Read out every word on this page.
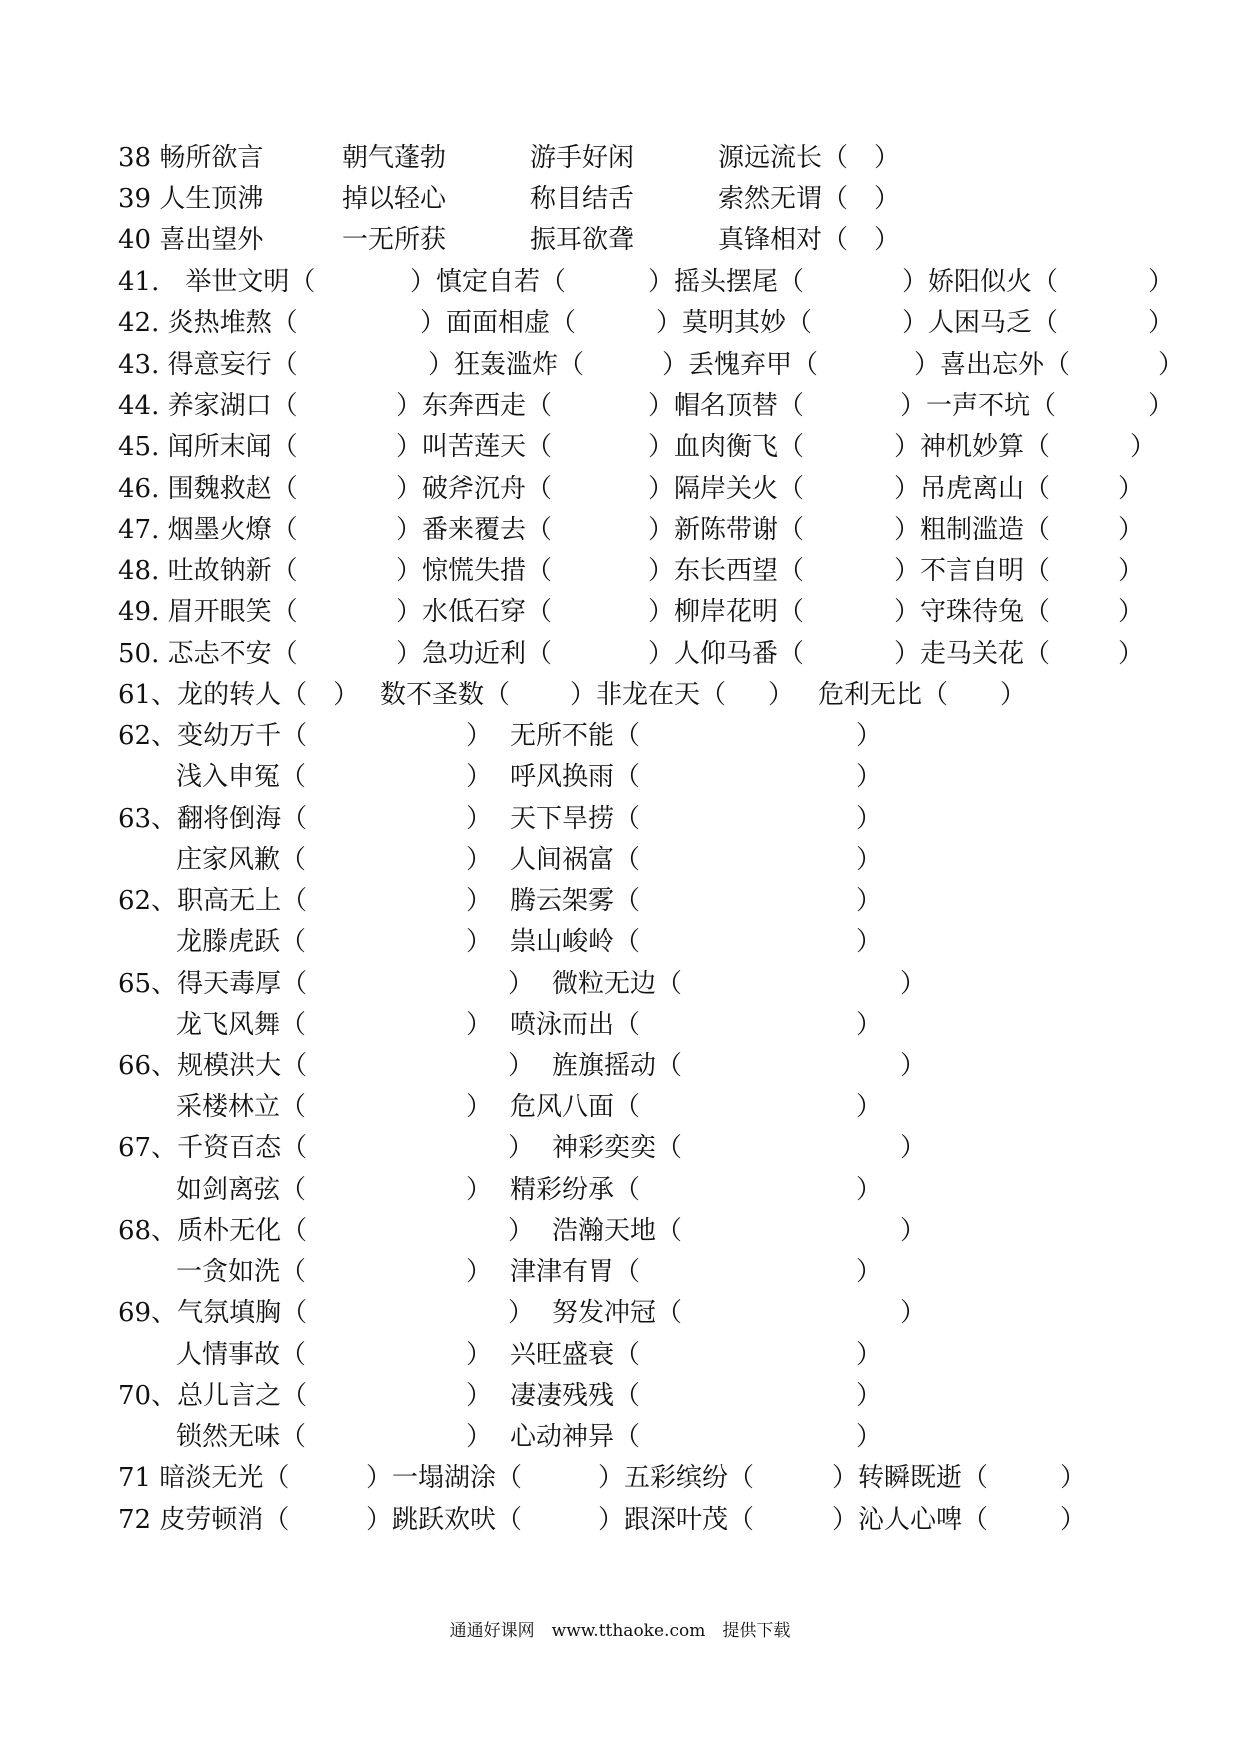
38 畅所欲言	朝气蓬勃	游手好闲	源远流长（　）
39 人生顶沸	掉以轻心	称目结舌	索然无谓（　）
40 喜出望外	一无所获	振耳欲聋	真锋相对（　）
41.　举世文明（	）慎定自若（	）摇头摆尾（	）娇阳似火（	）
42. 炎热堆熬（	）面面相虚（	）莫明其妙（	）人困马乏（	）
43. 得意妄行（	）狂轰滥炸（	）丢愧弃甲（	）喜出忘外（	）
44. 养家湖口（	）东奔西走（	）帽名顶替（	）一声不坑（	）
45. 闻所末闻（	）叫苦莲天（	）血肉衡飞（	）神机妙算（	）
46. 围魏救赵（	）破斧沉舟（	）隔岸关火（	）吊虎离山（	）
47. 烟墨火燎（	）番来覆去（	）新陈带谢（	）粗制滥造（	）
48. 吐故钠新（	）惊慌失措（	）东长西望（	）不言自明（	）
49. 眉开眼笑（	）水低石穿（	）柳岸花明（	）守珠待兔（	）
50. 忑忐不安（	）急功近利（	）人仰马番（	）走马关花（	）
61、龙的转人（　） 数不圣数（ ）非龙在天（ ） 危利无比（ ）
62、变幼万千（	） 无所不能（	）
浅入申冤（	） 呼风换雨（	）
63、翻将倒海（	） 天下旱捞（	）
庄家风歉（	） 人间祸富（	）
62、职高无上（	） 腾云架雾（	）
龙滕虎跃（	） 祟山峻岭（	）
65、得天毒厚（	） 微粒无边（	）
龙飞风舞（	） 喷泳而出（	）
66、规模洪大（	） 旌旗摇动（	）
采楼林立（	） 危风八面（	）
67、千资百态（	） 神彩奕奕（	）
如剑离弦（	） 精彩纷承（	）
68、质朴无化（	） 浩瀚天地（	）
一贪如洗（	） 津津有胃（	）
69、气氛填胸（	） 努发冲冠（	）
人情事故（	） 兴旺盛衰（	）
70、总儿言之（	） 凄凄残残（	）
锁然无味（	） 心动神异（	）
71 暗淡无光（	）一塌湖涂（	）五彩缤纷（	）转瞬既逝（	）
72 皮劳顿消（	）跳跃欢吠（	）跟深叶茂（	）沁人心啤（	）
通通好课网　www.tthaoke.com　提供下载
